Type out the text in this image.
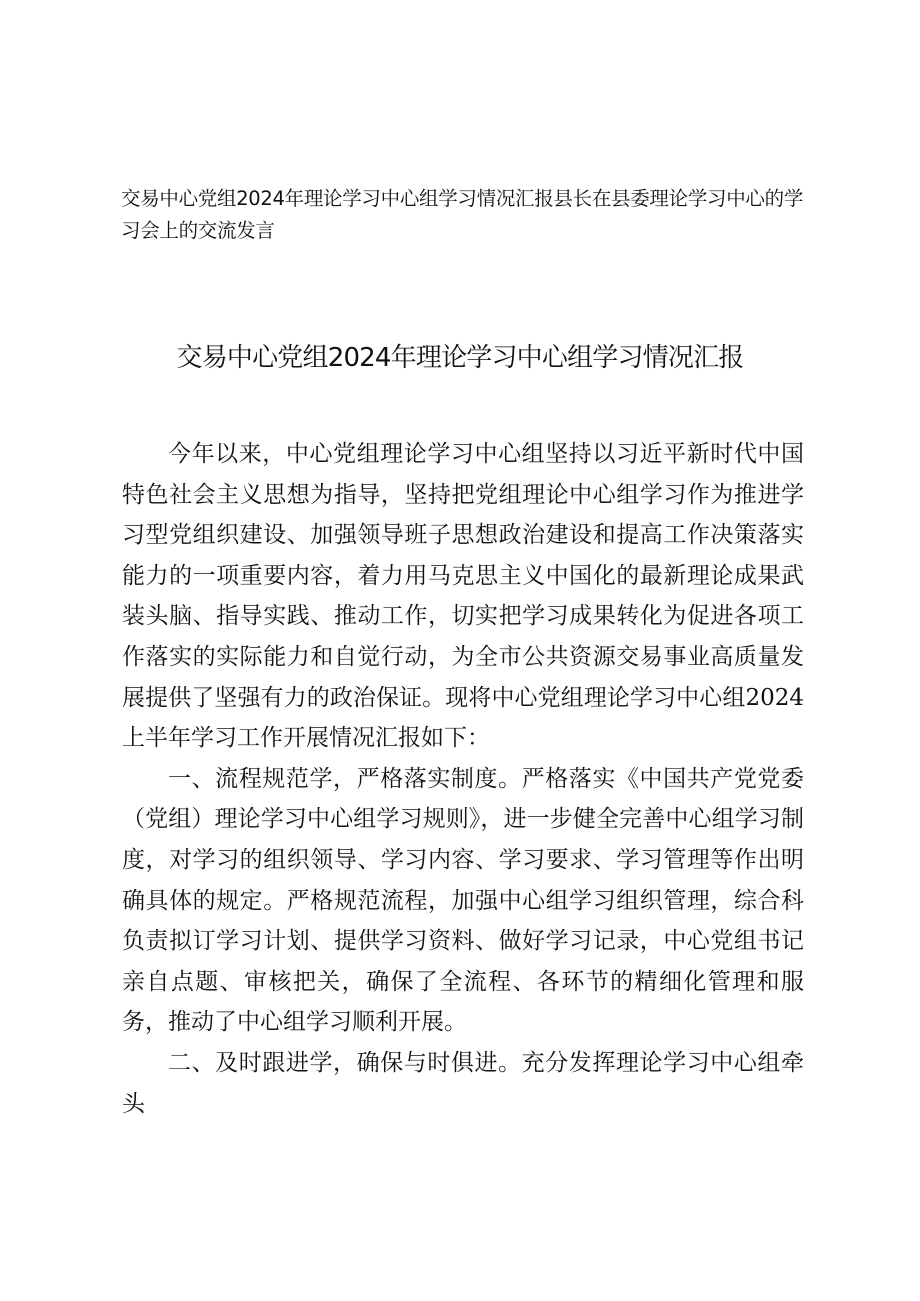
交易中心党组2024年理论学习中心组学习情况汇报县长在县委理论学习中心的学习会上的交流发言
交易中心党组2024年理论学习中心组学习情况汇报

今年以来，中心党组理论学习中心组坚持以习近平新时代中国特色社会主义思想为指导，坚持把党组理论中心组学习作为推进学习型党组织建设、加强领导班子思想政治建设和提高工作决策落实能力的一项重要内容，着力用马克思主义中国化的最新理论成果武装头脑、指导实践、推动工作，切实把学习成果转化为促进各项工作落实的实际能力和自觉行动，为全市公共资源交易事业高质量发展提供了坚强有力的政治保证。现将中心党组理论学习中心组2024上半年学习工作开展情况汇报如下：

一、流程规范学，严格落实制度。严格落实《中国共产党党委（党组）理论学习中心组学习规则》，进一步健全完善中心组学习制度，对学习的组织领导、学习内容、学习要求、学习管理等作出明确具体的规定。严格规范流程，加强中心组学习组织管理，综合科负责拟订学习计划、提供学习资料、做好学习记录，中心党组书记亲自点题、审核把关，确保了全流程、各环节的精细化管理和服务，推动了中心组学习顺利开展。

二、及时跟进学，确保与时俱进。充分发挥理论学习中心组牵头
